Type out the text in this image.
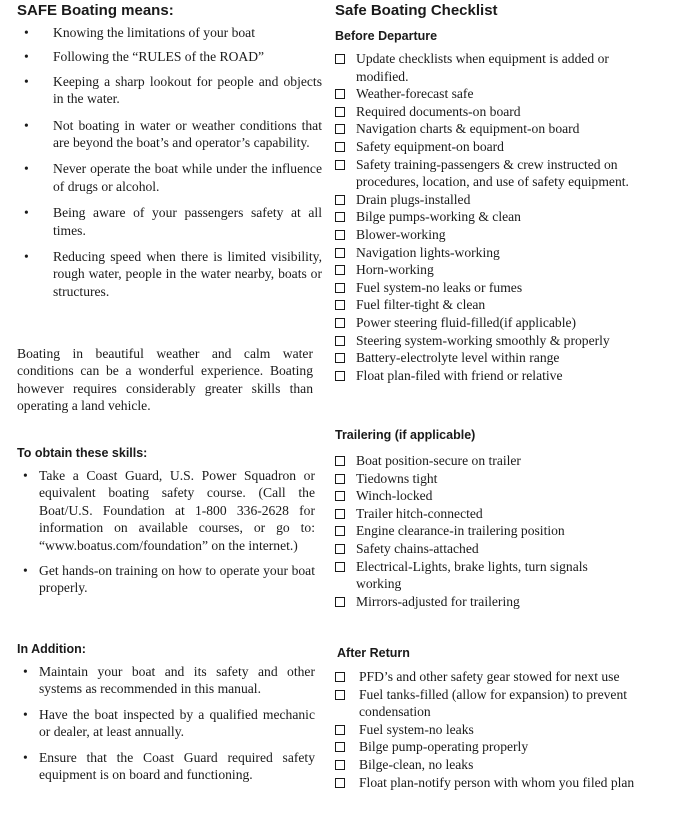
SAFE Boating means:
• Knowing the limitations of your boat
• Following the “RULES of the ROAD”
• Keeping a sharp lookout for people and objects in the water.
• Not boating in water or weather conditions that are beyond the boat’s and operator’s capability.
• Never operate the boat while under the influence of drugs or alcohol.
• Being aware of your passengers safety at all times.
• Reducing speed when there is limited visibility, rough water, people in the water nearby, boats or structures.

Boating in beautiful weather and calm water conditions can be a wonderful experience. Boating however requires considerably greater skills than operating a land vehicle.

To obtain these skills:
• Take a Coast Guard, U.S. Power Squadron or equivalent boating safety course. (Call the Boat/U.S. Foundation at 1-800 336-2628 for information on available courses, or go to: “www.boatus.com/foundation” on the internet.)
• Get hands-on training on how to operate your boat properly.
In Addition:
• Maintain your boat and its safety and other systems as recommended in this manual.
• Have the boat inspected by a qualified mechanic or dealer, at least annually.
• Ensure that the Coast Guard required safety equipment is on board and functioning.
Safe Boating Checklist
Before Departure
Update checklists when equipment is added or modified.
Weather-forecast safe
Required documents-on board
Navigation charts & equipment-on board
Safety equipment-on board
Safety training-passengers & crew instructed on procedures, location, and use of safety equipment.
Drain plugs-installed
Bilge pumps-working & clean
Blower-working
Navigation lights-working
Horn-working
Fuel system-no leaks or fumes
Fuel filter-tight & clean
Power steering fluid-filled(if applicable)
Steering system-working smoothly & properly
Battery-electrolyte level within range
Float plan-filed with friend or relative
Trailering (if applicable)
Boat position-secure on trailer
Tiedowns tight
Winch-locked
Trailer hitch-connected
Engine clearance-in trailering position
Safety chains-attached
Electrical-Lights, brake lights, turn signals working
Mirrors-adjusted for trailering
After Return
PFD’s and other safety gear stowed for next use
Fuel tanks-filled (allow for expansion) to prevent condensation
Fuel system-no leaks
Bilge pump-operating properly
Bilge-clean, no leaks
Float plan-notify person with whom you filed plan
